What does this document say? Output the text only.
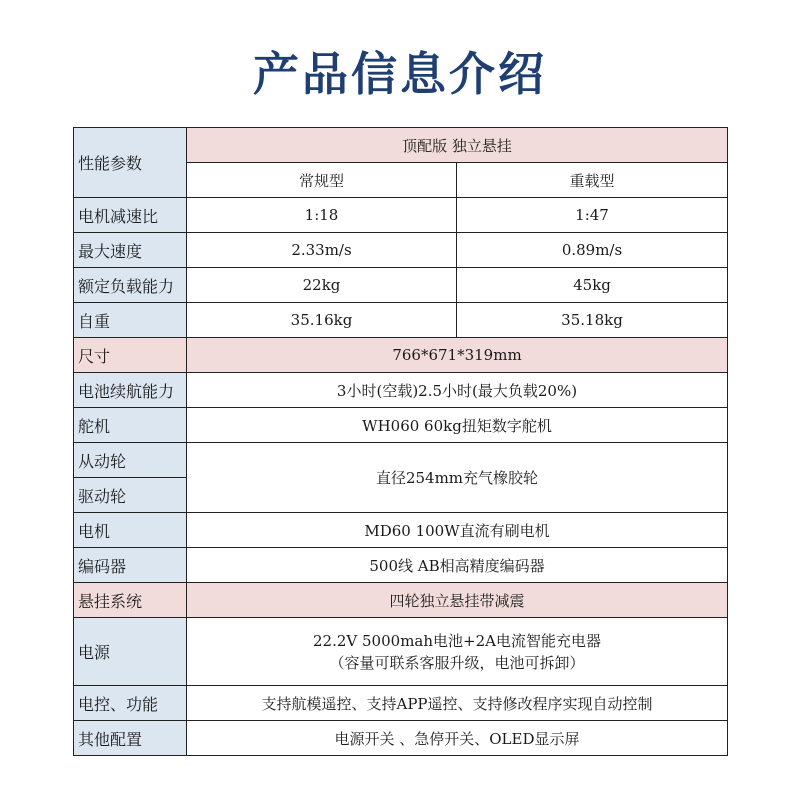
产品信息介绍
性能参数	顶配版 独立悬挂	
	常规型	重载型
电机减速比	1:18	1:47
最大速度	2.33m/s	0.89m/s
额定负载能力	22kg	45kg
自重	35.16kg	35.18kg
尺寸	766*671*319mm	
电池续航能力	3小时(空载)2.5小时(最大负载20%)	
舵机	WH060 60kg扭矩数字舵机	
从动轮	直径254mm充气橡胶轮	
驱动轮		
电机	MD60 100W直流有刷电机	
编码器	500线 AB相高精度编码器	
悬挂系统	四轮独立悬挂带减震	
电源	22.2V 5000mah电池+2A电流智能充电器
（容量可联系客服升级，电池可拆卸）	

电控、功能	支持航模遥控、支持APP遥控、支持修改程序实现自动控制	
其他配置	电源开关 、急停开关、OLED显示屏	
